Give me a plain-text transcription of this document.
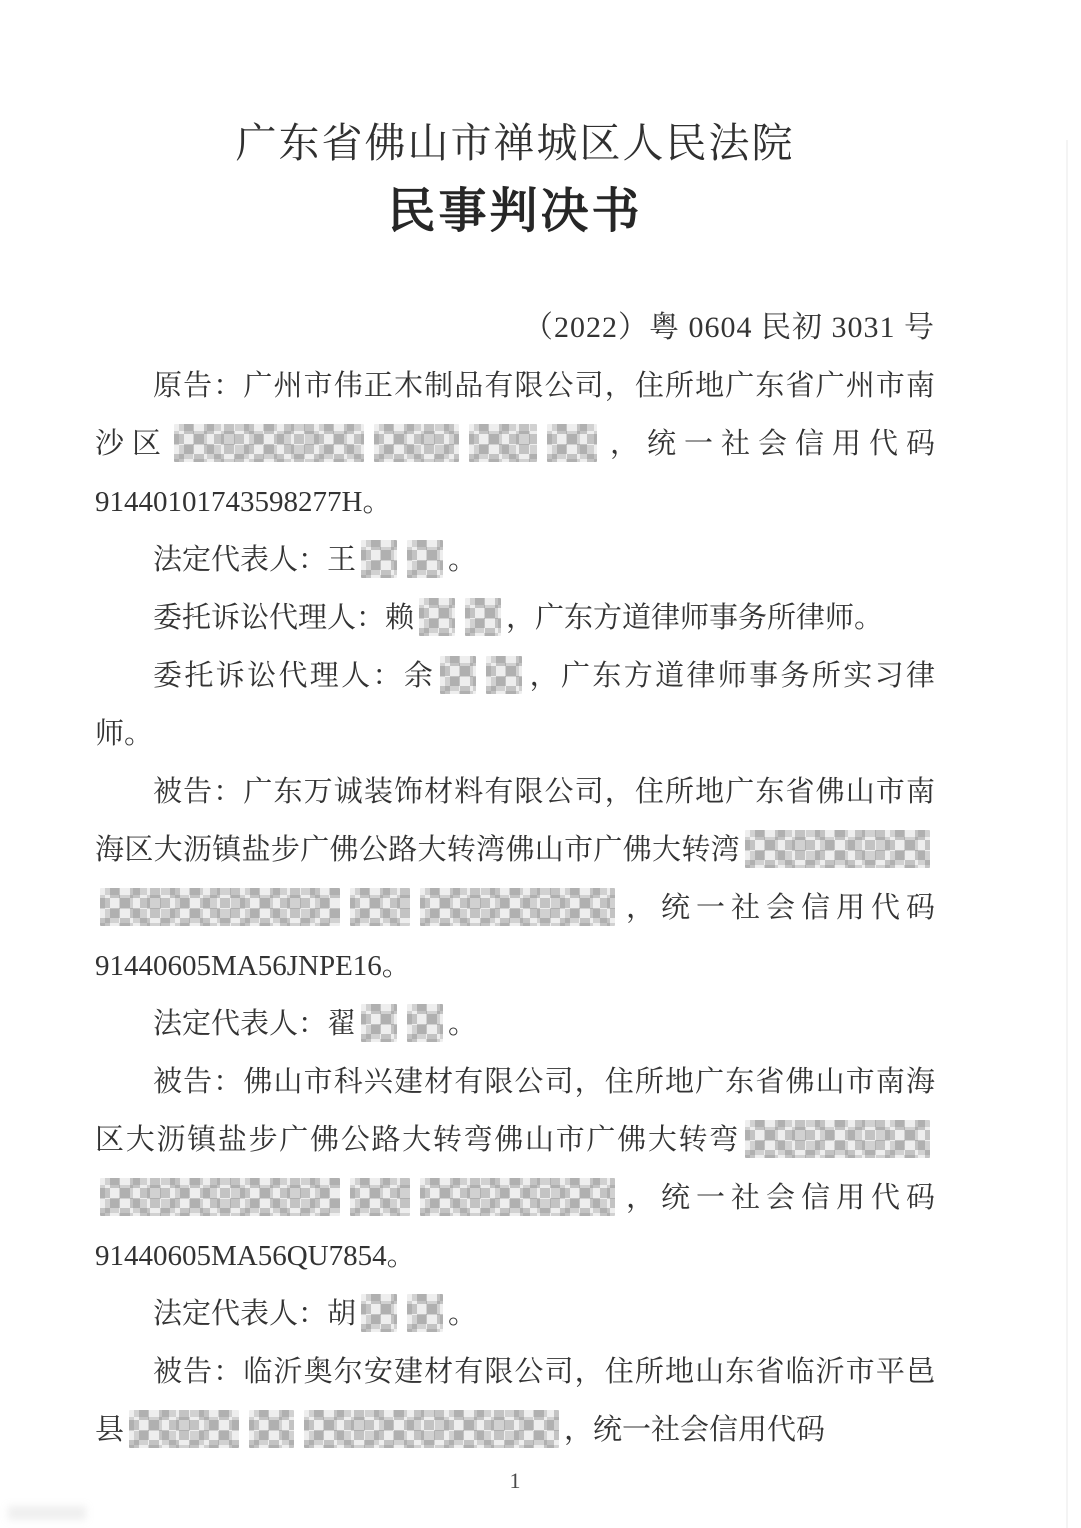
广东省佛山市禅城区人民法院
民事判决书
（2022）粤 0604 民初 3031 号

原告：广州市伟正木制品有限公司，住所地广东省广州市南沙区	，统一社会信用代码91440101743598277H。

法定代表人：王	。

委托诉讼代理人：赖	，广东方道律师事务所律师。

委托诉讼代理人：余	，广东方道律师事务所实习律师。

被告：广东万诚装饰材料有限公司，住所地广东省佛山市南海区大沥镇盐步广佛公路大转湾佛山市广佛大转湾，统一社会信用代码91440605MA56JNPE16。

法定代表人：翟	。

被告：佛山市科兴建材有限公司，住所地广东省佛山市南海区大沥镇盐步广佛公路大转弯佛山市广佛大转弯，统一社会信用代码91440605MA56QU7854。

法定代表人：胡	。

被告：临沂奥尔安建材有限公司，住所地山东省临沂市平邑县	，统一社会信用代码

1
